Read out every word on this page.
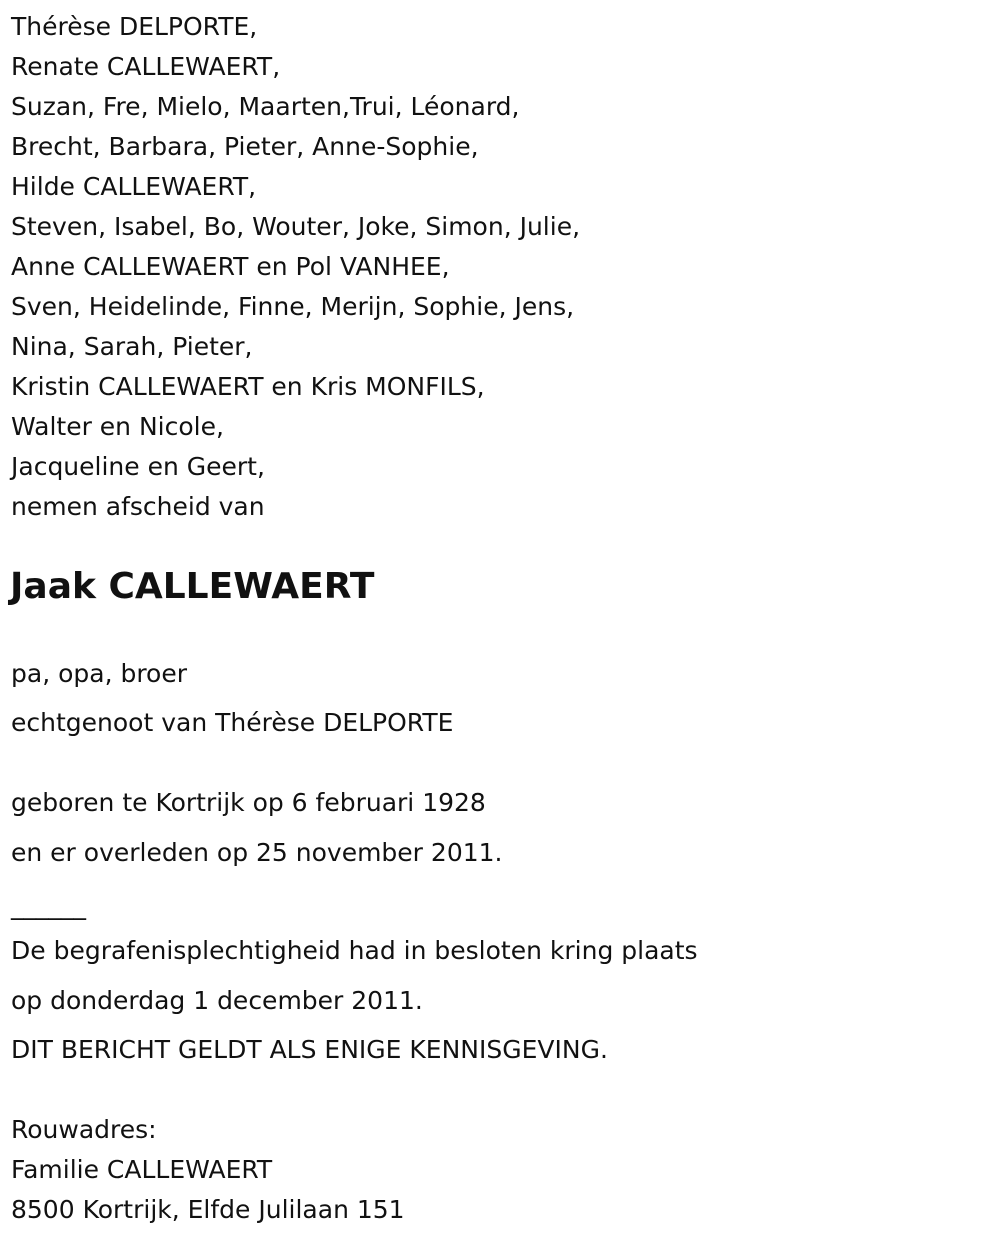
Thérèse DELPORTE,
Renate CALLEWAERT,
Suzan, Fre, Mielo, Maarten,Trui, Léonard,
Brecht, Barbara, Pieter, Anne-Sophie,
Hilde CALLEWAERT,
Steven, Isabel, Bo, Wouter, Joke, Simon, Julie,
Anne CALLEWAERT en Pol VANHEE,
Sven, Heidelinde, Finne, Merijn, Sophie, Jens,
Nina, Sarah, Pieter,
Kristin CALLEWAERT en Kris MONFILS,
Walter en Nicole,
Jacqueline en Geert,
nemen afscheid van
Jaak CALLEWAERT

pa, opa, broer

echtgenoot van Thérèse DELPORTE

geboren te Kortrijk op 6 februari 1928

en er overleden op 25 november 2011.

______

De begrafenisplechtigheid had in besloten kring plaats

op donderdag 1 december 2011.

DIT BERICHT GELDT ALS ENIGE KENNISGEVING.

Rouwadres:

Familie CALLEWAERT

8500 Kortrijk, Elfde Julilaan 151
